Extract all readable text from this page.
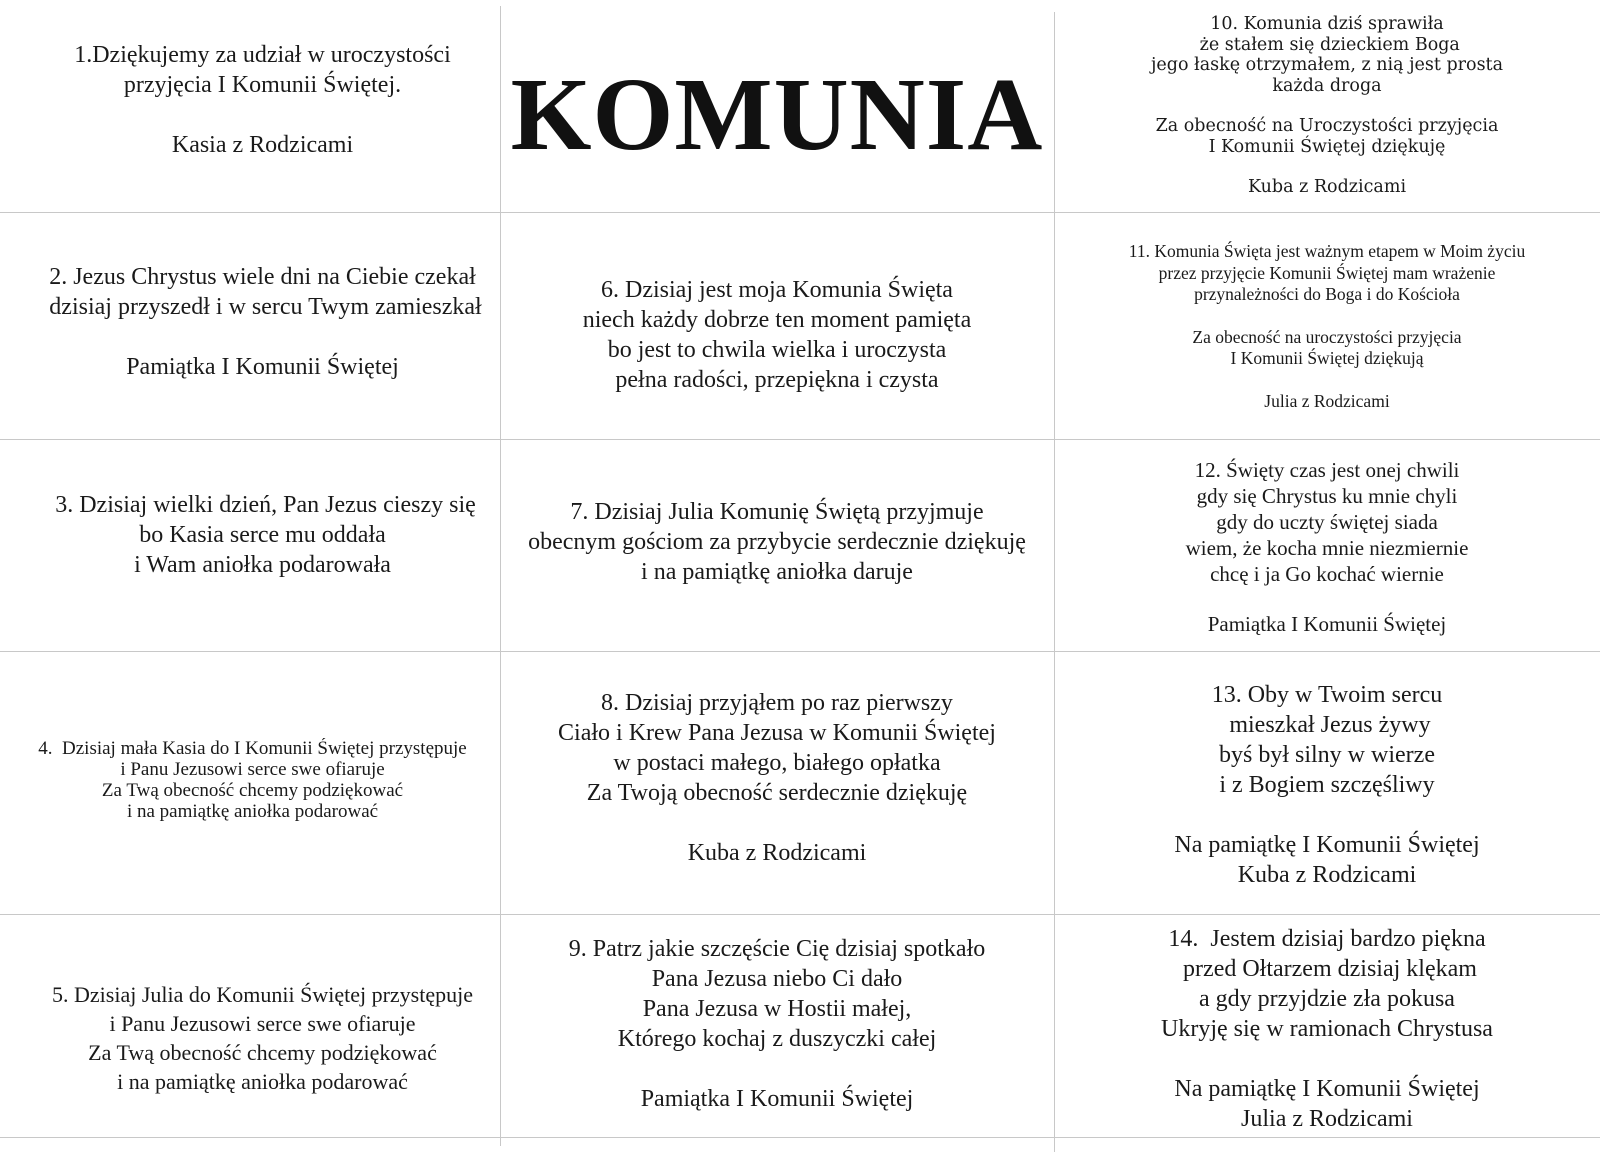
1.Dziękujemy za udział w uroczystości
przyjęcia I Komunii Świętej.
Kasia z Rodzicami
2. Jezus Chrystus wiele dni na Ciebie czekał
dzisiaj przyszedł i w sercu Twym zamieszkał
Pamiątka I Komunii Świętej
3. Dzisiaj wielki dzień, Pan Jezus cieszy się
bo Kasia serce mu oddała
i Wam aniołka podarowała
4.  Dzisiaj mała Kasia do I Komunii Świętej przystępuje
i Panu Jezusowi serce swe ofiaruje
Za Twą obecność chcemy podziękować
i na pamiątkę aniołka podarować
5. Dzisiaj Julia do Komunii Świętej przystępuje
i Panu Jezusowi serce swe ofiaruje
Za Twą obecność chcemy podziękować
i na pamiątkę aniołka podarować
KOMUNIA
6. Dzisiaj jest moja Komunia Święta
niech każdy dobrze ten moment pamięta
bo jest to chwila wielka i uroczysta
pełna radości, przepiękna i czysta
7. Dzisiaj Julia Komunię Świętą przyjmuje
obecnym gościom za przybycie serdecznie dziękuję
i na pamiątkę aniołka daruje
8. Dzisiaj przyjąłem po raz pierwszy
Ciało i Krew Pana Jezusa w Komunii Świętej
w postaci małego, białego opłatka
Za Twoją obecność serdecznie dziękuję
Kuba z Rodzicami
9. Patrz jakie szczęście Cię dzisiaj spotkało
Pana Jezusa niebo Ci dało
Pana Jezusa w Hostii małej,
Którego kochaj z duszyczki całej
Pamiątka I Komunii Świętej
10. Komunia dziś sprawiła
że stałem się dzieckiem Boga
jego łaskę otrzymałem, z nią jest prosta
każda droga
Za obecność na Uroczystości przyjęcia
I Komunii Świętej dziękuję
Kuba z Rodzicami
11. Komunia Święta jest ważnym etapem w Moim życiu
przez przyjęcie Komunii Świętej mam wrażenie
przynależności do Boga i do Kościoła
Za obecność na uroczystości przyjęcia
I Komunii Świętej dziękują
Julia z Rodzicami
12. Święty czas jest onej chwili
gdy się Chrystus ku mnie chyli
gdy do uczty świętej siada
wiem, że kocha mnie niezmiernie
chcę i ja Go kochać wiernie
Pamiątka I Komunii Świętej
13. Oby w Twoim sercu
mieszkał Jezus żywy
byś był silny w wierze
i z Bogiem szczęśliwy
Na pamiątkę I Komunii Świętej
Kuba z Rodzicami
14.  Jestem dzisiaj bardzo piękna
przed Ołtarzem dzisiaj klękam
a gdy przyjdzie zła pokusa
Ukryję się w ramionach Chrystusa
Na pamiątkę I Komunii Świętej
Julia z Rodzicami
